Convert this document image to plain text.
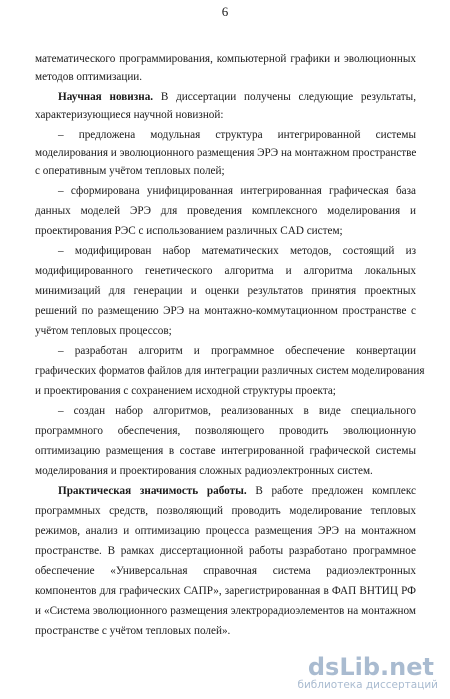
6
математического программирования, компьютерной графики и эволюционных
методов оптимизации.
Научная новизна. В диссертации получены следующие результаты,
характеризующиеся научной новизной:
– предложена модульная структура интегрированной системы
моделирования и эволюционного размещения ЭРЭ на монтажном пространстве
с оперативным учётом тепловых полей;
– сформирована унифицированная интегрированная графическая база
данных моделей ЭРЭ для проведения комплексного моделирования и
проектирования РЭС с использованием различных CAD систем;
– модифицирован набор математических методов, состоящий из
модифицированного генетического алгоритма и алгоритма локальных
минимизаций для генерации и оценки результатов принятия проектных
решений по размещению ЭРЭ на монтажно-коммутационном пространстве с
учётом тепловых процессов;
– разработан алгоритм и программное обеспечение конвертации
графических форматов файлов для интеграции различных систем моделирования
и проектирования с сохранением исходной структуры проекта;
– создан набор алгоритмов, реализованных в виде специального
программного обеспечения, позволяющего проводить эволюционную
оптимизацию размещения в составе интегрированной графической системы
моделирования и проектирования сложных радиоэлектронных систем.
Практическая значимость работы. В работе предложен комплекс
программных средств, позволяющий проводить моделирование тепловых
режимов, анализ и оптимизацию процесса размещения ЭРЭ на монтажном
пространстве. В рамках диссертационной работы разработано программное
обеспечение «Универсальная справочная система радиоэлектронных
компонентов для графических САПР», зарегистрированная в ФАП ВНТИЦ РФ
и «Система эволюционного размещения электрорадиоэлементов на монтажном
пространстве с учётом тепловых полей».
dsLib.net
библиотека диссертаций
